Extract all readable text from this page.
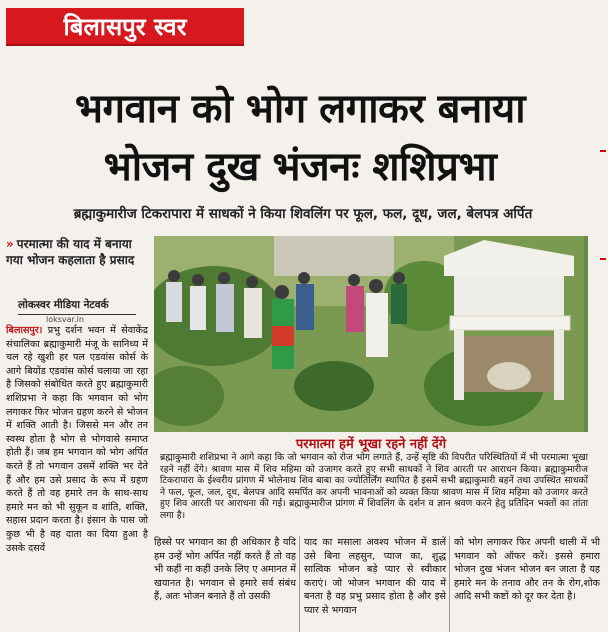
बिलासपुर स्वर
भगवान को भोग लगाकर बनाया
भोजन दुख भंजनः शशिप्रभा
ब्रह्माकुमारीज टिकरापारा में साधकों ने किया शिवलिंग पर फूल, फल, दूध, जल, बेलपत्र अर्पित
» परमात्मा की याद में बनाया गया भोजन कहलाता है प्रसाद
लोकस्वर मीडिया नेटवर्क
loksvar.in

बिलासपुर। प्रभु दर्शन भवन में सेवाकेंद्र संचालिका ब्रह्माकुमारी मंजू के सानिध्य में चल रहे खुशी हर पल एडवांस कोर्स के आगे बियोंड एडवांस कोर्स चलाया जा रहा है जिसको संबोधित करते हुए ब्रह्माकुमारी शशिप्रभा ने कहा कि भगवान को भोग लगाकर फिर भोजन ग्रहण करने से भोजन में शक्ति आती है। जिससे मन और तन स्वस्थ होता है भोग से भोगवासे समाप्त होती हैं। जब हम भगवान को भोग अर्पित करते हैं तो भगवान उसमें शक्ति भर देते हैं और हम उसे प्रसाद के रूप में ग्रहण करते हैं तो वह हमारे तन के साथ-साथ हमारे मन को भी सुकून व शांति, शक्ति, सहास प्रदान करता है। इंसान के पास जो कुछ भी है वह दाता का दिया हुआ है उसके दसवें

परमात्मा हमें भूखा रहने नहीं देंगे

ब्रह्माकुमारी शशिप्रभा ने आगे कहा कि जो भगवान को रोज भोग लगाते हैं, उन्हें सृष्टि की विपरीत परिस्थितियों में भी परमात्मा भूखा रहने नहीं देंगे। श्रावण मास में शिव महिमा को उजागर करते हुए सभी साधकों ने शिव आरती पर आराधन किया। ब्रह्माकुमारीज टिकरापारा के ईश्वरीय प्रांगण में भोलेनाथ शिव बाबा का ज्योतिर्लिंग स्थापित है इसमें सभी ब्रह्माकुमारी बहनें तथा उपस्थित साधकों ने फल, फूल, जल, दूध, बेलपत्र आदि समर्पित कर अपनी भावनाओं को व्यक्त किया श्रावण मास में शिव महिमा को उजागर करते हुए शिव आरती पर आराधना की गई। ब्रह्माकुमारीज प्रांगण में शिवलिंग के दर्शन व ज्ञान श्रवण करने हेतु प्रतिदिन भक्तों का तांता लगा है।

हिस्से पर भगवान का ही अधिकार है यदि हम उन्हें भोग अर्पित नहीं करते हैं तो वह भी कहीं ना कहीं उनके लिए ए अमानत में खयानत है। भगवान से हमारे सर्व संबंध हैं, अतः भोजन बनाते हैं तो उसकी

याद का मसाला अवश्य भोजन में डालें उसे बिना लहसुन, प्याज का, शुद्ध सात्विक भोजन बड़े प्यार से स्वीकार कराएं। जो भोजन भगवान की याद में बनता है वह प्रभु प्रसाद होता है और इसे प्यार से भगवान

को भोग लगाकर फिर अपनी थाली में भी भगवान को ऑफर करें। इससे हमारा भोजन दुख भंजन भोजन बन जाता है यह हमारे मन के तनाव और तन के रोग,शोक आदि सभी कष्टों को दूर कर देता है।
